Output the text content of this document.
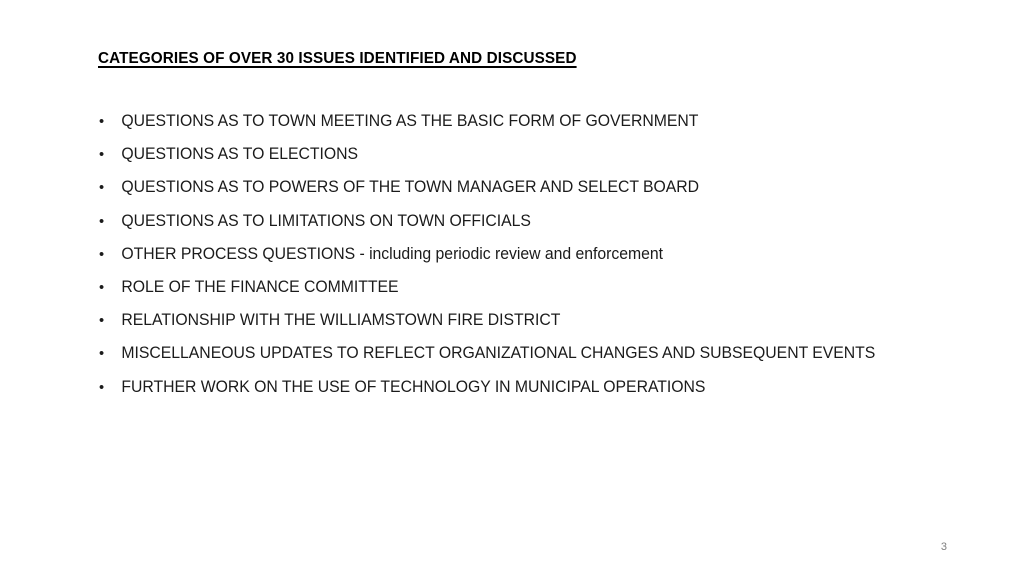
CATEGORIES OF OVER 30 ISSUES IDENTIFIED AND DISCUSSED
• QUESTIONS AS TO TOWN MEETING AS THE BASIC FORM OF GOVERNMENT
• QUESTIONS AS TO ELECTIONS
• QUESTIONS AS TO POWERS OF THE TOWN MANAGER AND SELECT BOARD
• QUESTIONS AS TO LIMITATIONS ON TOWN OFFICIALS
• OTHER PROCESS QUESTIONS - including periodic review and enforcement
• ROLE OF THE FINANCE COMMITTEE
• RELATIONSHIP WITH THE WILLIAMSTOWN FIRE DISTRICT
• MISCELLANEOUS UPDATES TO REFLECT ORGANIZATIONAL CHANGES AND SUBSEQUENT EVENTS
• FURTHER WORK ON THE USE OF TECHNOLOGY IN MUNICIPAL OPERATIONS
3
